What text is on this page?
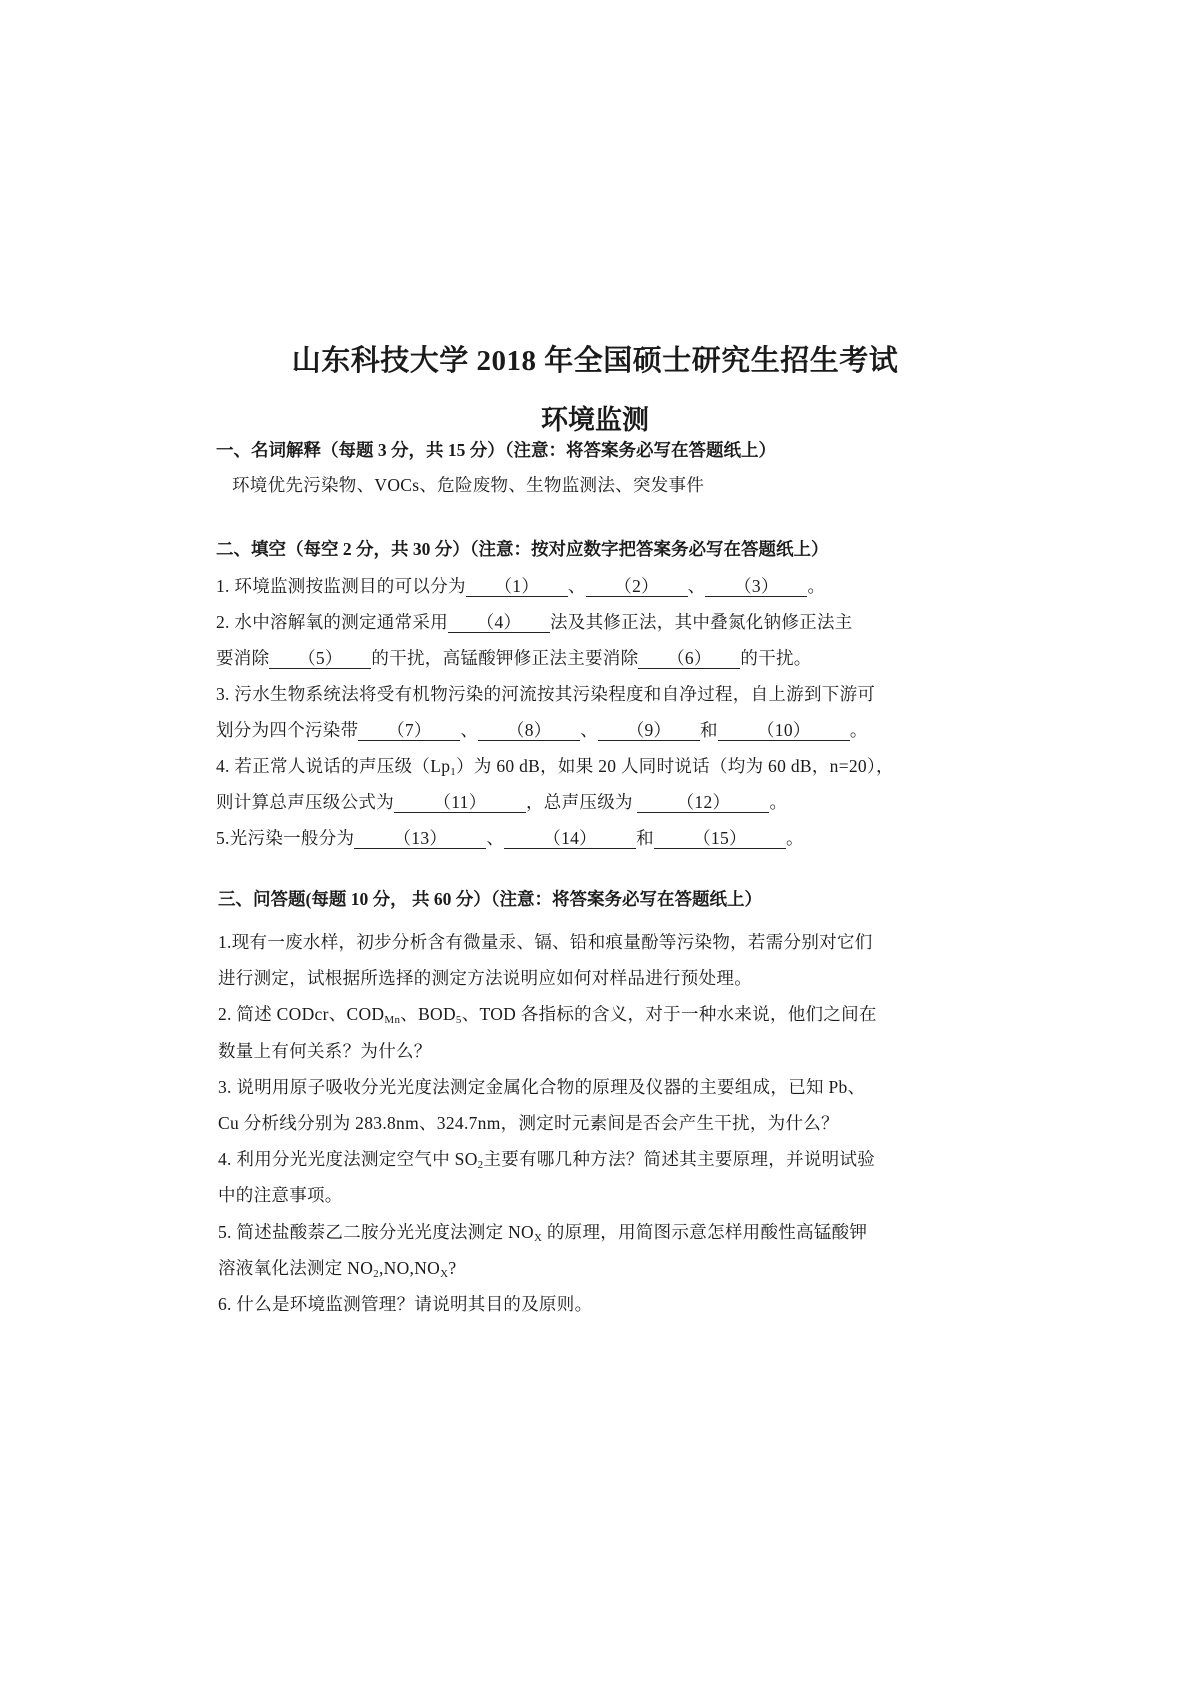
山东科技大学 2018 年全国硕士研究生招生考试
环境监测
一、名词解释（每题 3 分，共 15 分）（注意：将答案务必写在答题纸上）
环境优先污染物、VOCs、危险废物、生物监测法、突发事件
二、填空（每空 2 分，共 30 分）（注意：按对应数字把答案务必写在答题纸上）
1. 环境监测按监测目的可以分为 （1） 、 （2） 、 （3） 。
2. 水中溶解氧的测定通常采用 （4） 法及其修正法，其中叠氮化钠修正法主
要消除 （5） 的干扰，高锰酸钾修正法主要消除 （6） 的干扰。
3. 污水生物系统法将受有机物污染的河流按其污染程度和自净过程，自上游到下游可
划分为四个污染带 （7） 、 （8） 、 （9） 和 （10） 。
4. 若正常人说话的声压级$(Lp_1)$为 60 dB，如果 20 人同时说话（均为 60 dB，n=20），
则计算总声压级公式为 （11） ，总声压级为 （12） 。
5.光污染一般分为 （13） 、 （14） 和 （15） 。
三、问答题(每题 10 分， 共 60 分）（注意：将答案务必写在答题纸上）
1.现有一废水样，初步分析含有微量汞、镉、铅和痕量酚等污染物，若需分别对它们
进行测定，试根据所选择的测定方法说明应如何对样品进行预处理。
2. 简述 CODcr、$COD_{Mn}$、$BOD_5$、TOD 各指标的含义，对于一种水来说，他们之间在
数量上有何关系？为什么？
3. 说明用原子吸收分光光度法测定金属化合物的原理及仪器的主要组成，已知 Pb、
Cu 分析线分别为 283.8nm、324.7nm，测定时元素间是否会产生干扰，为什么？
4. 利用分光光度法测定空气中 $SO_2$主要有哪几种方法？简述其主要原理，并说明试验
中的注意事项。
5. 简述盐酸萘乙二胺分光光度法测定 $NO_X$ 的原理，用简图示意怎样用酸性高锰酸钾
溶液氧化法测定 $NO_2,NO,NO_X$?
6. 什么是环境监测管理？请说明其目的及原则。
